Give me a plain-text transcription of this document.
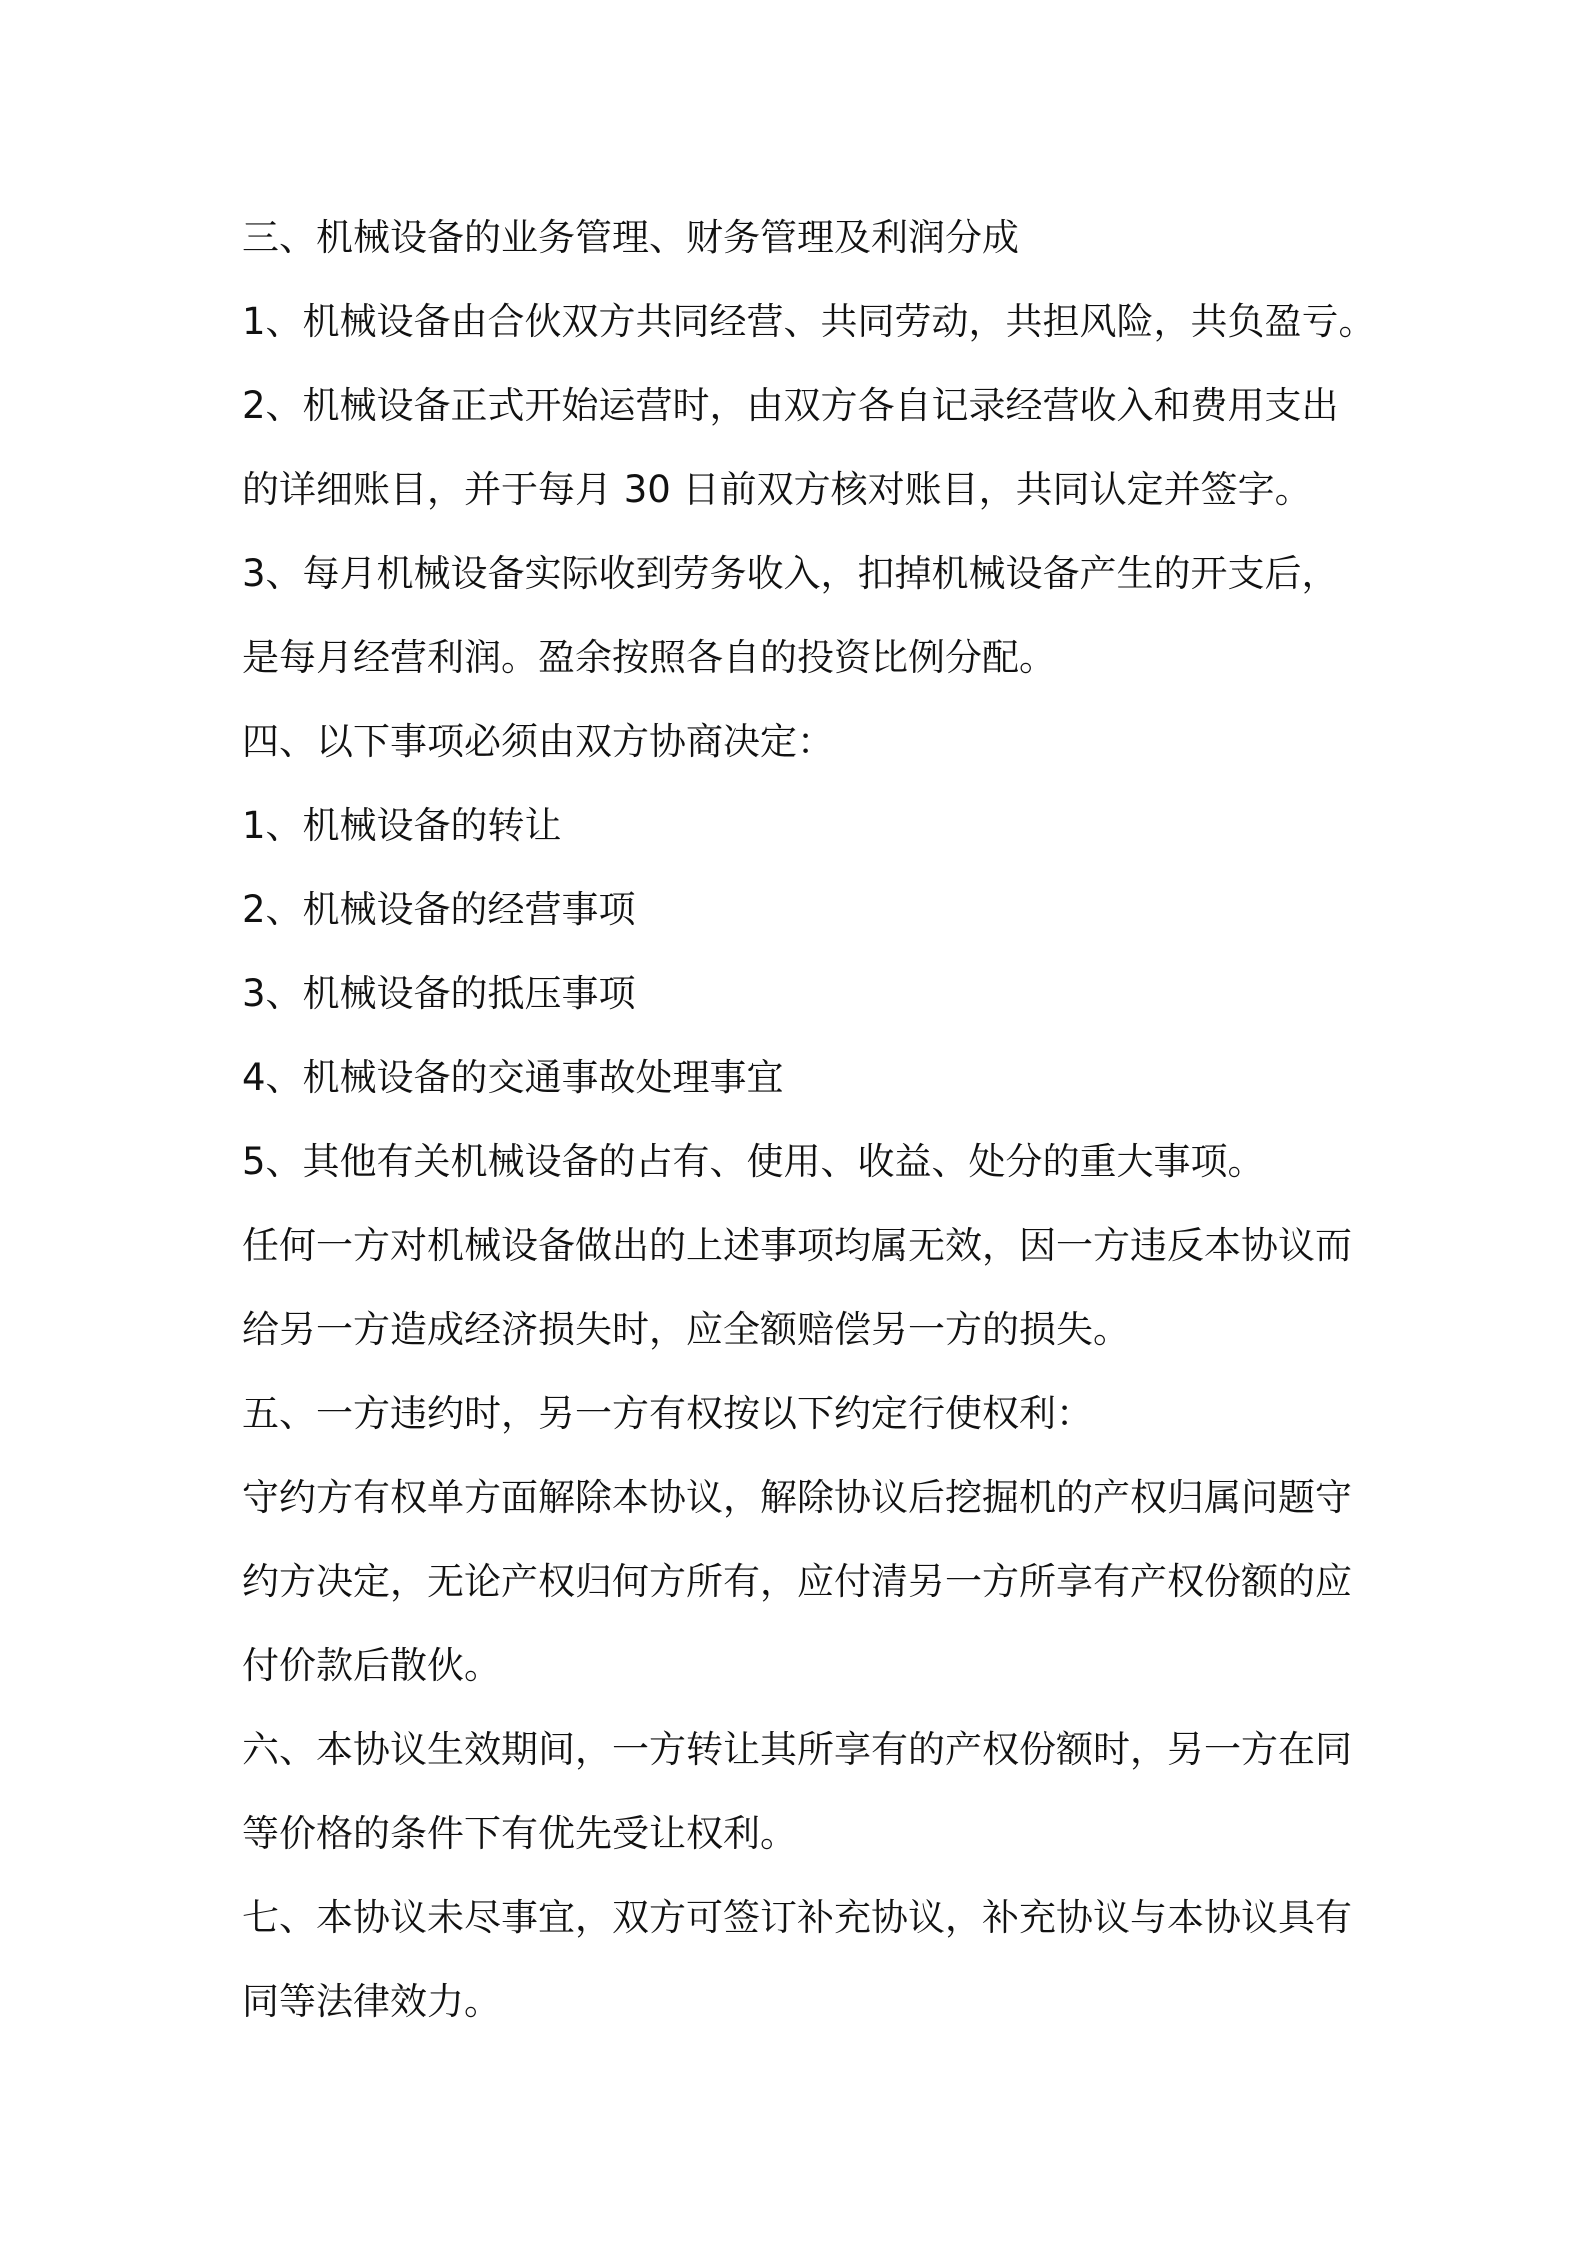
三、机械设备的业务管理、财务管理及利润分成
1、机械设备由合伙双方共同经营、共同劳动，共担风险，共负盈亏。
2、机械设备正式开始运营时，由双方各自记录经营收入和费用支出
的详细账目，并于每月 30 日前双方核对账目，共同认定并签字。
3、每月机械设备实际收到劳务收入，扣掉机械设备产生的开支后，
是每月经营利润。盈余按照各自的投资比例分配。
四、以下事项必须由双方协商决定：
1、机械设备的转让
2、机械设备的经营事项
3、机械设备的抵压事项
4、机械设备的交通事故处理事宜
5、其他有关机械设备的占有、使用、收益、处分的重大事项。
任何一方对机械设备做出的上述事项均属无效，因一方违反本协议而
给另一方造成经济损失时，应全额赔偿另一方的损失。
五、一方违约时，另一方有权按以下约定行使权利：
守约方有权单方面解除本协议，解除协议后挖掘机的产权归属问题守
约方决定，无论产权归何方所有，应付清另一方所享有产权份额的应
付价款后散伙。
六、本协议生效期间，一方转让其所享有的产权份额时，另一方在同
等价格的条件下有优先受让权利。
七、本协议未尽事宜，双方可签订补充协议，补充协议与本协议具有
同等法律效力。
